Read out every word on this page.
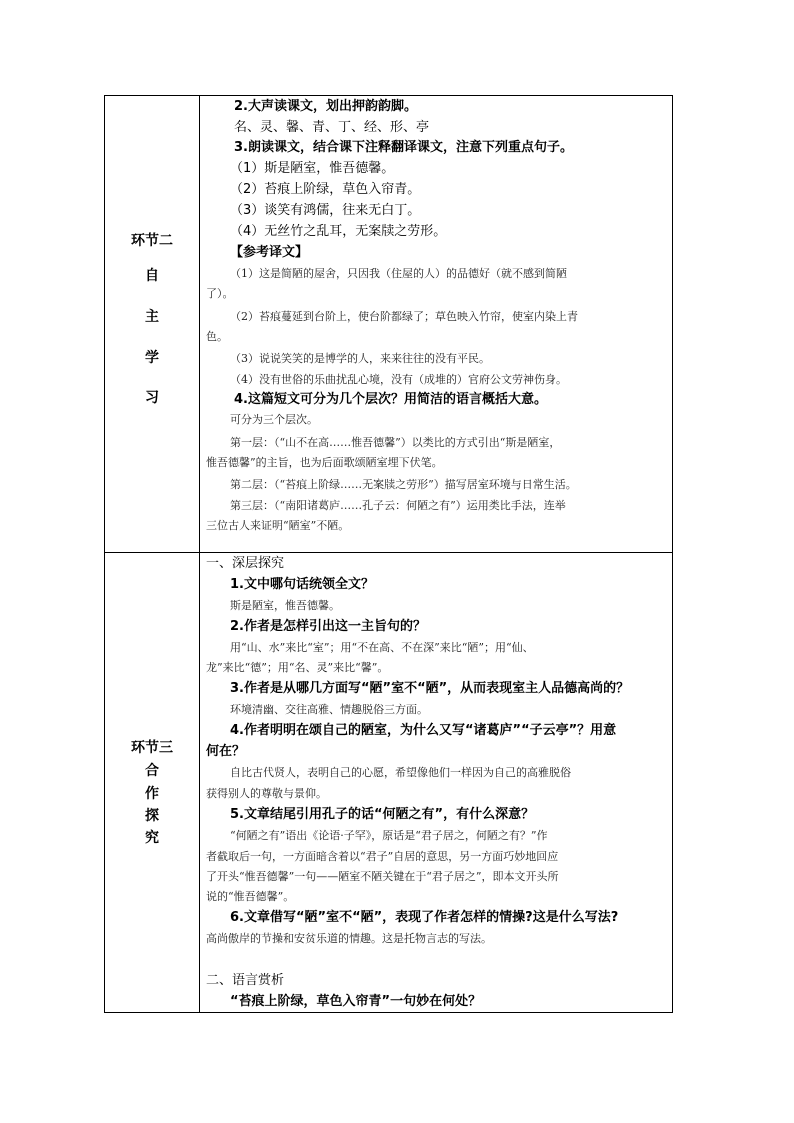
环节二
自
主
学
习
2.大声读课文，划出押韵韵脚。
名、灵、馨、青、丁、经、形、亭
3.朗读课文，结合课下注释翻译课文，注意下列重点句子。
（1）斯是陋室，惟吾德馨。
（2）苔痕上阶绿，草色入帘青。
（3）谈笑有鸿儒，往来无白丁。
（4）无丝竹之乱耳，无案牍之劳形。
【参考译文】
（1）这是简陋的屋舍，只因我（住屋的人）的品德好（就不感到简陋
了）。
（2）苔痕蔓延到台阶上，使台阶都绿了；草色映入竹帘，使室内染上青
色。
（3）说说笑笑的是博学的人，来来往往的没有平民。
（4）没有世俗的乐曲扰乱心境，没有（成堆的）官府公文劳神伤身。
4.这篇短文可分为几个层次？用简洁的语言概括大意。
可分为三个层次。
第一层：（“山不在高……惟吾德馨”）以类比的方式引出“斯是陋室，
惟吾德馨”的主旨，也为后面歌颂陋室埋下伏笔。
第二层：（“苔痕上阶绿……无案牍之劳形”）描写居室环境与日常生活。
第三层：（“南阳诸葛庐……孔子云：何陋之有”）运用类比手法，连举
三位古人来证明“陋室”不陋。
环节三
合
作
探
究
一、深层探究
1.文中哪句话统领全文？
斯是陋室，惟吾德馨。
2.作者是怎样引出这一主旨句的？
用“山、水”来比“室”；用“不在高、不在深”来比“陋”；用“仙、
龙”来比“德”；用“名、灵”来比“馨”。
3.作者是从哪几方面写“陋”室不“陋”，从而表现室主人品德高尚的？
环境清幽、交往高雅、情趣脱俗三方面。
4.作者明明在颂自己的陋室，为什么又写“诸葛庐”“子云亭”？用意
何在？
自比古代贤人，表明自己的心愿，希望像他们一样因为自己的高雅脱俗
获得别人的尊敬与景仰。
5.文章结尾引用孔子的话“何陋之有”，有什么深意？
“何陋之有”语出《论语·子罕》，原话是“君子居之，何陋之有？”作
者截取后一句，一方面暗含着以“君子”自居的意思，另一方面巧妙地回应
了开头“惟吾德馨”一句——陋室不陋关键在于“君子居之”，即本文开头所
说的“惟吾德馨”。
6.文章借写“陋”室不“陋”，表现了作者怎样的情操?这是什么写法?
高尚傲岸的节操和安贫乐道的情趣。这是托物言志的写法。
二、语言赏析
“苔痕上阶绿，草色入帘青”一句妙在何处？
